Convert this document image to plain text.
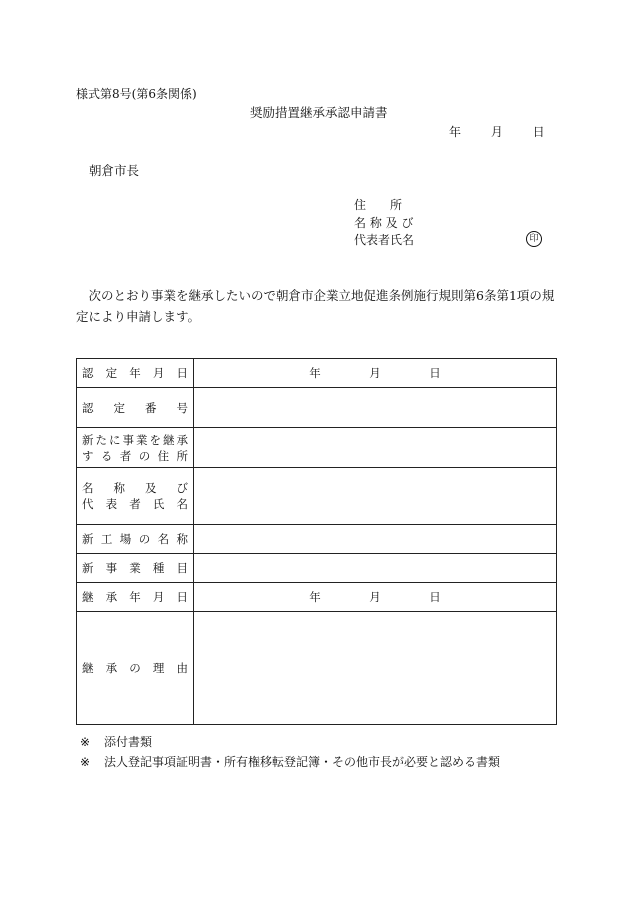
様式第8号(第6条関係)
奨励措置継承承認申請書
年 月 日
朝倉市長
住　　所
名 称 及 び
代表者氏名	印

次のとおり事業を継承したいので朝倉市企業立地促進条例施行規則第6条第1項の規定により申請します。

認定年月日	年 月 日

認定番号	

新たに事業を継承
する者の住所	

名称及び
代表者氏名	

新工場の名称	

新事業種目	

継承年月日	年 月 日

継承の理由	

※ 添付書類
※ 法人登記事項証明書・所有権移転登記簿・その他市長が必要と認める書類
